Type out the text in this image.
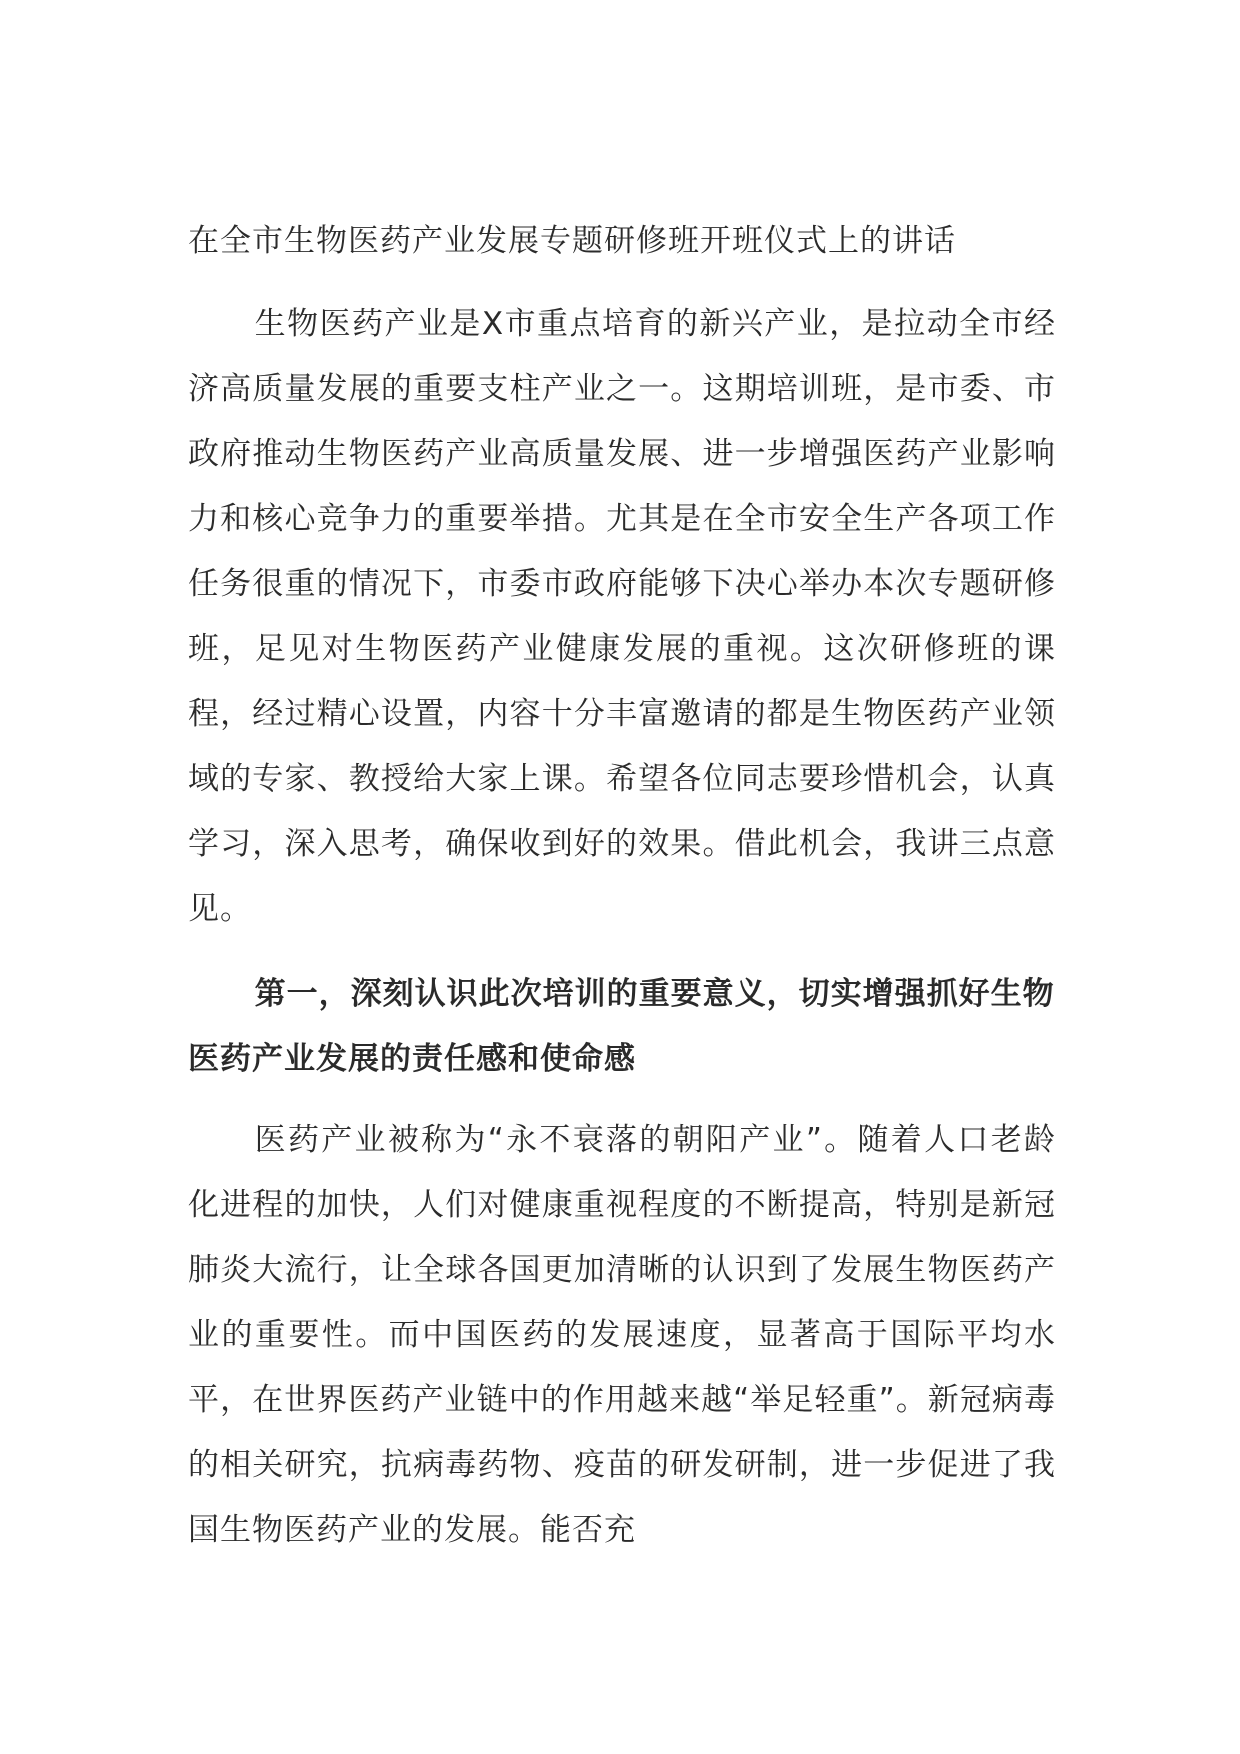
在全市生物医药产业发展专题研修班开班仪式上的讲话

生物医药产业是X市重点培育的新兴产业，是拉动全市经济高质量发展的重要支柱产业之一。这期培训班，是市委、市政府推动生物医药产业高质量发展、进一步增强医药产业影响力和核心竞争力的重要举措。尤其是在全市安全生产各项工作任务很重的情况下，市委市政府能够下决心举办本次专题研修班，足见对生物医药产业健康发展的重视。这次研修班的课程，经过精心设置，内容十分丰富邀请的都是生物医药产业领域的专家、教授给大家上课。希望各位同志要珍惜机会，认真学习，深入思考，确保收到好的效果。借此机会，我讲三点意见。

第一，深刻认识此次培训的重要意义，切实增强抓好生物医药产业发展的责任感和使命感

医药产业被称为“永不衰落的朝阳产业”。随着人口老龄化进程的加快，人们对健康重视程度的不断提高，特别是新冠肺炎大流行，让全球各国更加清晰的认识到了发展生物医药产业的重要性。而中国医药的发展速度，显著高于国际平均水平，在世界医药产业链中的作用越来越“举足轻重”。新冠病毒的相关研究，抗病毒药物、疫苗的研发研制，进一步促进了我国生物医药产业的发展。能否充
